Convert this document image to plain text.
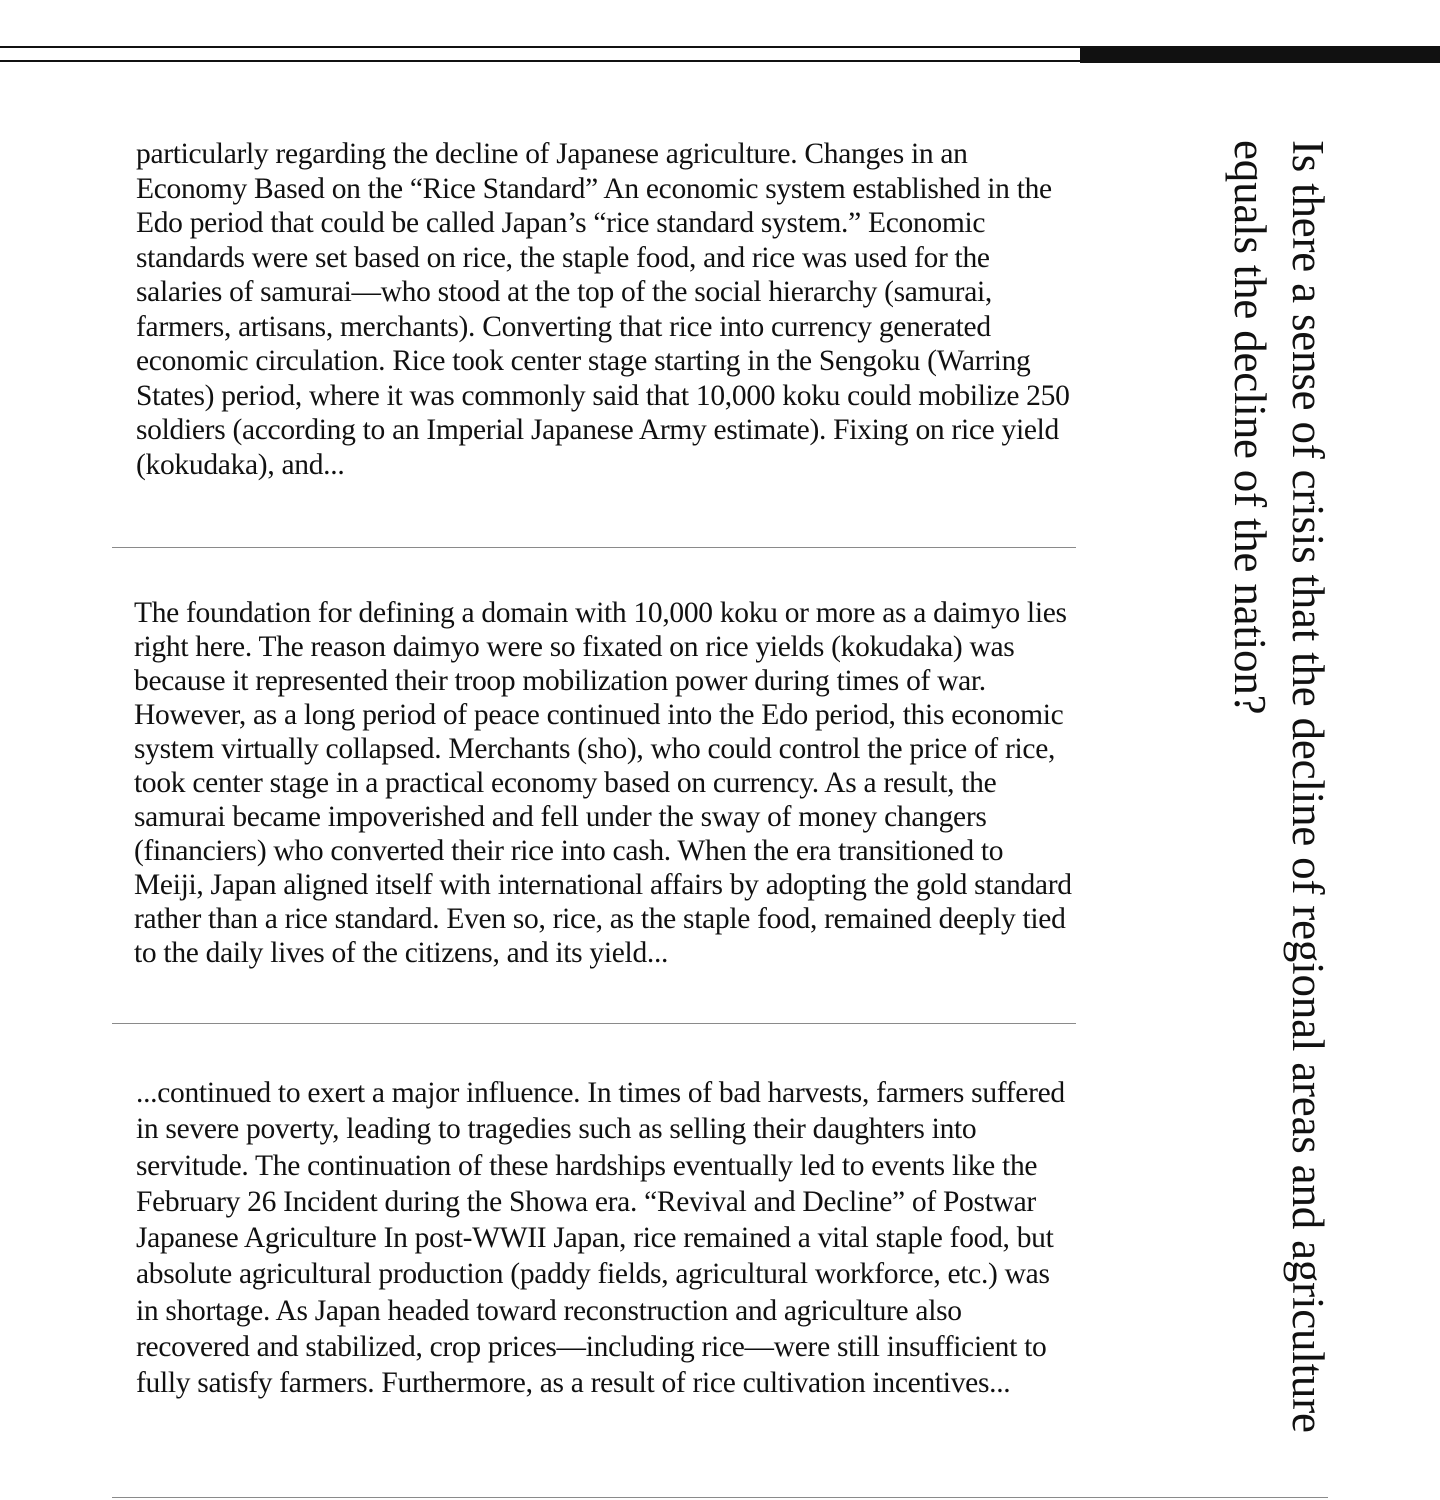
particularly regarding the decline of Japanese agriculture. Changes in an Economy Based on the “Rice Standard” An economic system established in the Edo period that could be called Japan’s “rice standard system.” Economic standards were set based on rice, the staple food, and rice was used for the salaries of samurai—who stood at the top of the social hierarchy (samurai, farmers, artisans, merchants). Converting that rice into currency generated economic circulation. Rice took center stage starting in the Sengoku (Warring States) period, where it was commonly said that 10,000 koku could mobilize 250 soldiers (according to an Imperial Japanese Army estimate). Fixing on rice yield (kokudaka), and...

The foundation for defining a domain with 10,000 koku or more as a daimyo lies right here. The reason daimyo were so fixated on rice yields (kokudaka) was because it represented their troop mobilization power during times of war. However, as a long period of peace continued into the Edo period, this economic system virtually collapsed. Merchants (sho), who could control the price of rice, took center stage in a practical economy based on currency. As a result, the samurai became impoverished and fell under the sway of money changers (financiers) who converted their rice into cash. When the era transitioned to Meiji, Japan aligned itself with international affairs by adopting the gold standard rather than a rice standard. Even so, rice, as the staple food, remained deeply tied to the daily lives of the citizens, and its yield...

...continued to exert a major influence. In times of bad harvests, farmers suffered in severe poverty, leading to tragedies such as selling their daughters into servitude. The continuation of these hardships eventually led to events like the February 26 Incident during the Showa era. “Revival and Decline” of Postwar Japanese Agriculture In post-WWII Japan, rice remained a vital staple food, but absolute agricultural production (paddy fields, agricultural workforce, etc.) was in shortage. As Japan headed toward reconstruction and agriculture also recovered and stabilized, crop prices—including rice—were still insufficient to fully satisfy farmers. Furthermore, as a result of rice cultivation incentives...	Is there a sense of crisis that the decline of regional areas and agriculture equals the decline of the nation?
